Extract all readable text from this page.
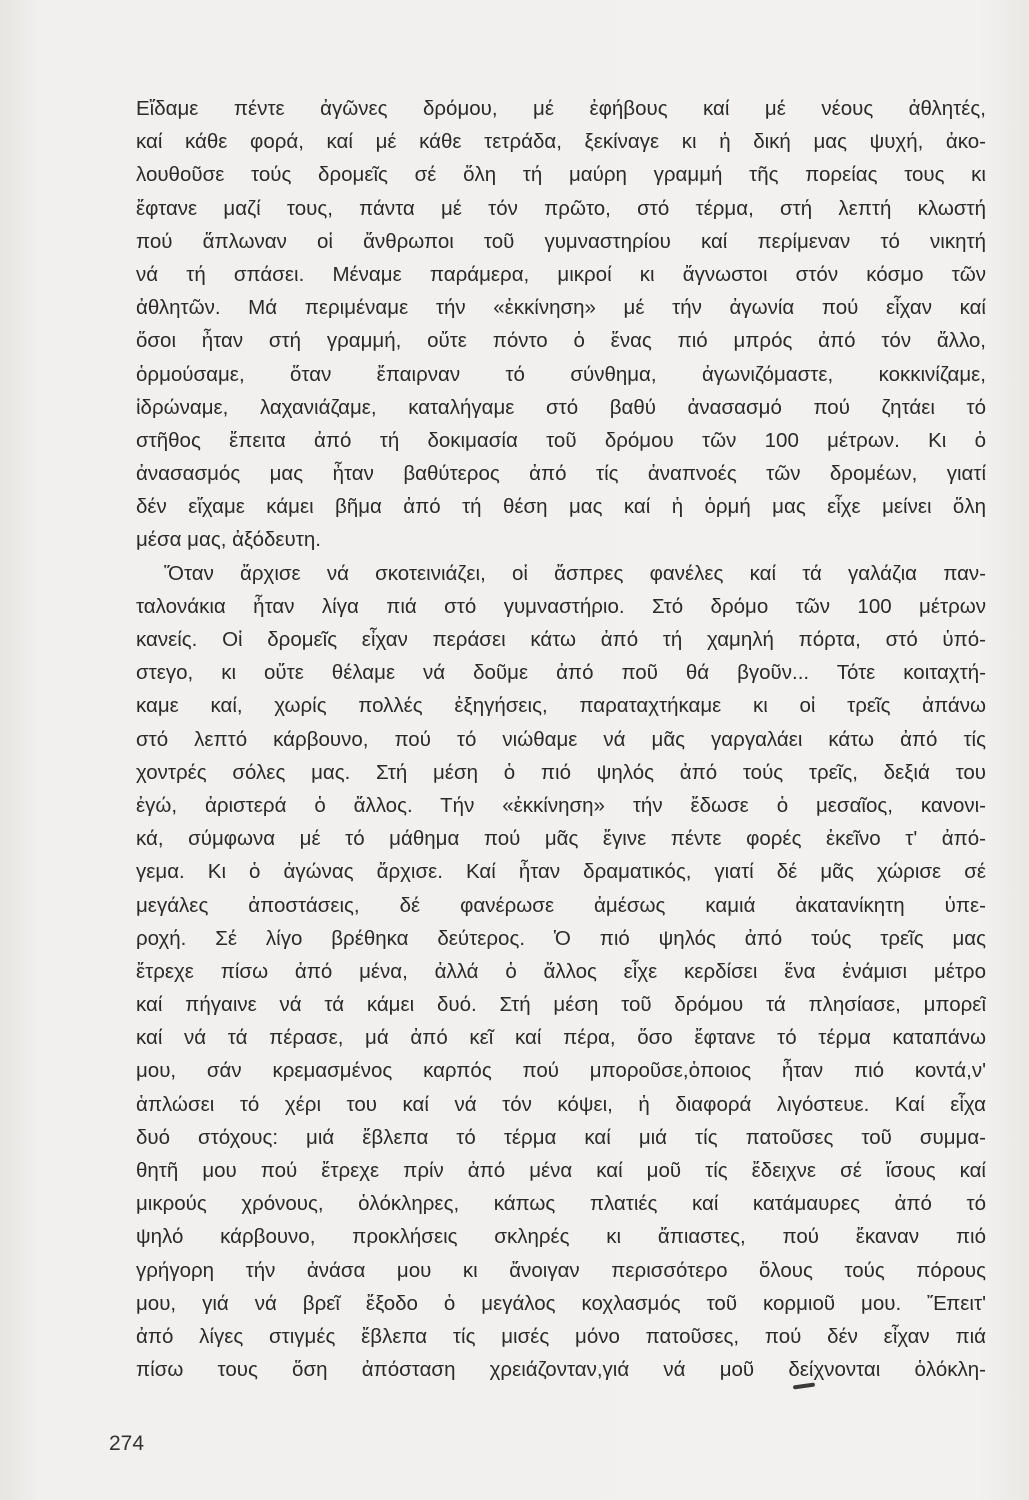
Εἴδαμε πέντε ἀγῶνες δρόμου, μέ ἐφήβους καί μέ νέους ἀθλητές,
καί κάθε φορά, καί μέ κάθε τετράδα, ξεκίναγε κι ἡ δική μας ψυχή, ἀκο-
λουθοῦσε τούς δρομεῖς σέ ὅλη τή μαύρη γραμμή τῆς πορείας τους κι
ἔφτανε μαζί τους, πάντα μέ τόν πρῶτο, στό τέρμα, στή λεπτή κλωστή
πού ἅπλωναν οἱ ἄνθρωποι τοῦ γυμναστηρίου καί περίμεναν τό νικητή
νά τή σπάσει. Μέναμε παράμερα, μικροί κι ἄγνωστοι στόν κόσμο τῶν
ἀθλητῶν. Μά περιμέναμε τήν «ἐκκίνηση» μέ τήν ἀγωνία πού εἶχαν καί
ὅσοι ἦταν στή γραμμή, οὔτε πόντο ὁ ἕνας πιό μπρός ἀπό τόν ἄλλο,
ὁρμούσαμε, ὅταν ἔπαιρναν τό σύνθημα, ἀγωνιζόμαστε, κοκκινίζαμε,
ἱδρώναμε, λαχανιάζαμε, καταλήγαμε στό βαθύ ἀνασασμό πού ζητάει τό
στῆθος ἔπειτα ἀπό τή δοκιμασία τοῦ δρόμου τῶν 100 μέτρων. Κι ὁ
ἀνασασμός μας ἦταν βαθύτερος ἀπό τίς ἀναπνοές τῶν δρομέων, γιατί
δέν εἴχαμε κάμει βῆμα ἀπό τή θέση μας καί ἡ ὁρμή μας εἶχε μείνει ὅλη
μέσα μας, ἀξόδευτη.
Ὅταν ἄρχισε νά σκοτεινιάζει, οἱ ἄσπρες φανέλες καί τά γαλάζια παν-
ταλονάκια ἦταν λίγα πιά στό γυμναστήριο. Στό δρόμο τῶν 100 μέτρων
κανείς. Οἱ δρομεῖς εἶχαν περάσει κάτω ἀπό τή χαμηλή πόρτα, στό ὑπό-
στεγο, κι οὔτε θέλαμε νά δοῦμε ἀπό ποῦ θά βγοῦν... Τότε κοιταχτή-
καμε καί, χωρίς πολλές ἐξηγήσεις, παραταχτήκαμε κι οἱ τρεῖς ἀπάνω
στό λεπτό κάρβουνο, πού τό νιώθαμε νά μᾶς γαργαλάει κάτω ἀπό τίς
χοντρές σόλες μας. Στή μέση ὁ πιό ψηλός ἀπό τούς τρεῖς, δεξιά του
ἐγώ, ἀριστερά ὁ ἄλλος. Τήν «ἐκκίνηση» τήν ἔδωσε ὁ μεσαῖος, κανονι-
κά, σύμφωνα μέ τό μάθημα πού μᾶς ἔγινε πέντε φορές ἐκεῖνο τ' ἀπό-
γεμα. Κι ὁ ἀγώνας ἄρχισε. Καί ἦταν δραματικός, γιατί δέ μᾶς χώρισε σέ
μεγάλες ἀποστάσεις, δέ φανέρωσε ἀμέσως καμιά ἀκατανίκητη ὑπε-
ροχή. Σέ λίγο βρέθηκα δεύτερος. Ὁ πιό ψηλός ἀπό τούς τρεῖς μας
ἔτρεχε πίσω ἀπό μένα, ἀλλά ὁ ἄλλος εἶχε κερδίσει ἕνα ἐνάμισι μέτρο
καί πήγαινε νά τά κάμει δυό. Στή μέση τοῦ δρόμου τά πλησίασε, μπορεῖ
καί νά τά πέρασε, μά ἀπό κεῖ καί πέρα, ὅσο ἔφτανε τό τέρμα καταπάνω
μου, σάν κρεμασμένος καρπός πού μποροῦσε,ὁποιος ἦταν πιό κοντά,ν'
ἁπλώσει τό χέρι του καί νά τόν κόψει, ἡ διαφορά λιγόστευε. Καί εἶχα
δυό στόχους: μιά ἔβλεπα τό τέρμα καί μιά τίς πατοῦσες τοῦ συμμα-
θητῆ μου πού ἔτρεχε πρίν ἀπό μένα καί μοῦ τίς ἔδειχνε σέ ἴσους καί
μικρούς χρόνους, ὁλόκληρες, κάπως πλατιές καί κατάμαυρες ἀπό τό
ψηλό κάρβουνο, προκλήσεις σκληρές κι ἄπιαστες, πού ἔκαναν πιό
γρήγορη τήν ἀνάσα μου κι ἄνοιγαν περισσότερο ὅλους τούς πόρους
μου, γιά νά βρεῖ ἔξοδο ὁ μεγάλος κοχλασμός τοῦ κορμιοῦ μου. Ἔπειτ'
ἀπό λίγες στιγμές ἔβλεπα τίς μισές μόνο πατοῦσες, πού δέν εἶχαν πιά
πίσω τους ὅση ἀπόσταση χρειάζονταν,γιά νά μοῦ δείχνονται ὁλόκλη-
274
